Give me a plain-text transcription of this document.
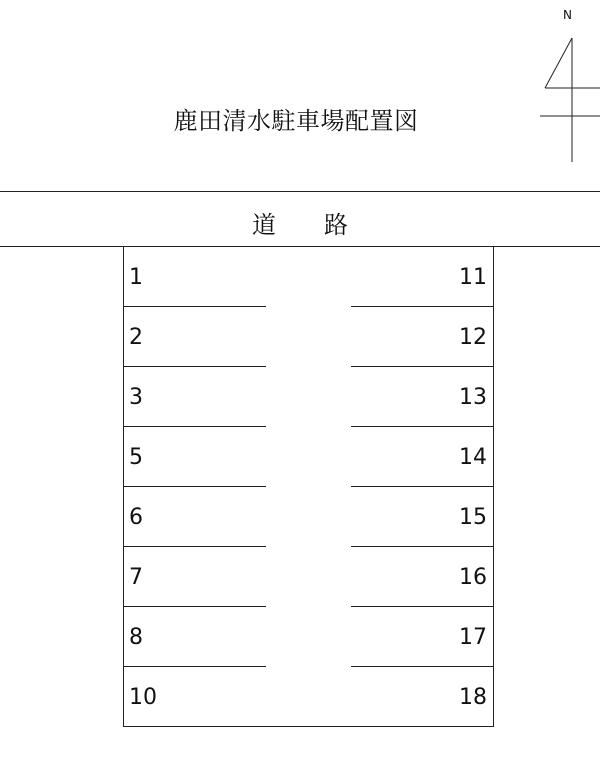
鹿田清水駐車場配置図
N
道　　路
1
2
3
5
6
7
8
10
11
12
13
14
15
16
17
18
